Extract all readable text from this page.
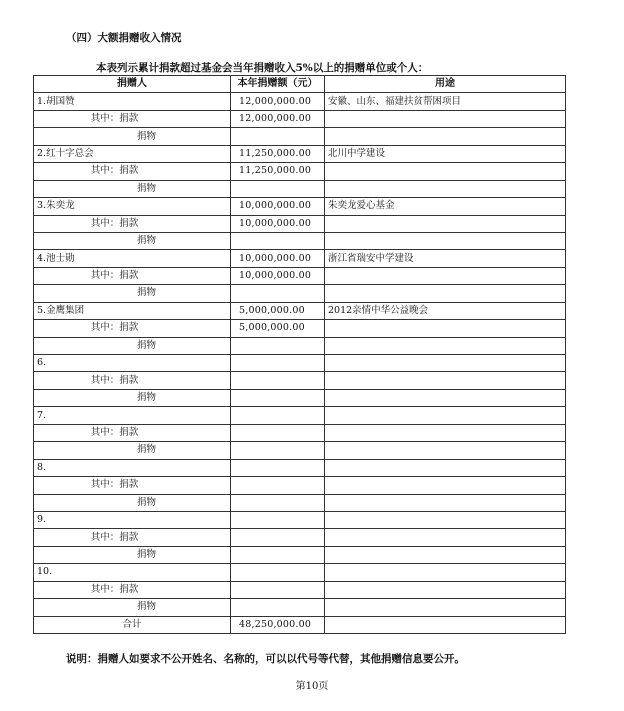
（四）大额捐赠收入情况
本表列示累计捐款超过基金会当年捐赠收入5%以上的捐赠单位或个人：
捐赠人	本年捐赠额（元）	用途
1.胡国赞	12,000,000.00	安徽、山东、福建扶贫帮困项目
其中：捐款	12,000,000.00	
捐物		
2.红十字总会	11,250,000.00	北川中学建设
其中：捐款	11,250,000.00	
捐物		
3.朱奕龙	10,000,000.00	朱奕龙爱心基金
其中：捐款	10,000,000.00	
捐物		
4.池士勋	10,000,000.00	浙江省瑞安中学建设
其中：捐款	10,000,000.00	
捐物		
5.金鹰集团	5,000,000.00	2012亲情中华公益晚会
其中：捐款	5,000,000.00	
捐物		
6.		
其中：捐款		
捐物		
7.		
其中：捐款		
捐物		
8.		
其中：捐款		
捐物		
9.		
其中：捐款		
捐物		
10.		
其中：捐款		
捐物		
合计	48,250,000.00	
说明：捐赠人如要求不公开姓名、名称的，可以以代号等代替，其他捐赠信息要公开。
第10页
